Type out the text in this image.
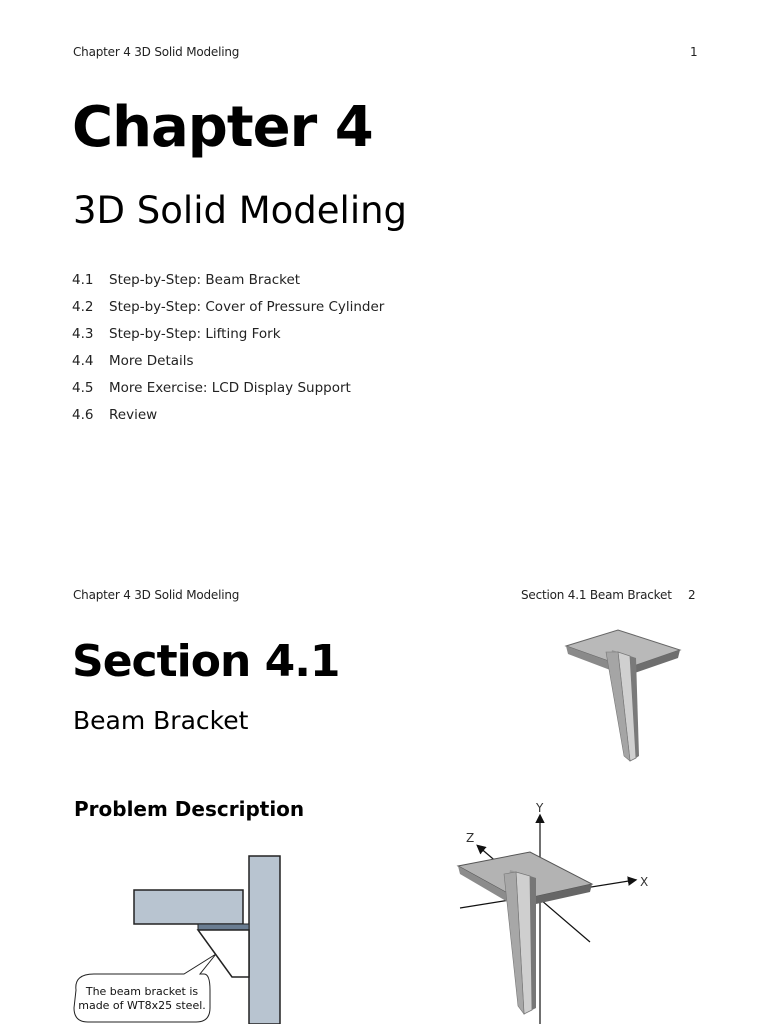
Chapter 4 3D Solid Modeling	1
Chapter 4
3D Solid Modeling
4.1	Step-by-Step: Beam Bracket
4.2	Step-by-Step: Cover of Pressure Cylinder
4.3	Step-by-Step: Lifting Fork
4.4	More Details
4.5	More Exercise: LCD Display Support
4.6	Review
Chapter 4 3D Solid Modeling	Section 4.1 Beam Bracket 2
Section 4.1
Beam Bracket
Problem Description
The beam bracket is
made of WT8x25 steel.
X
Y
Z
